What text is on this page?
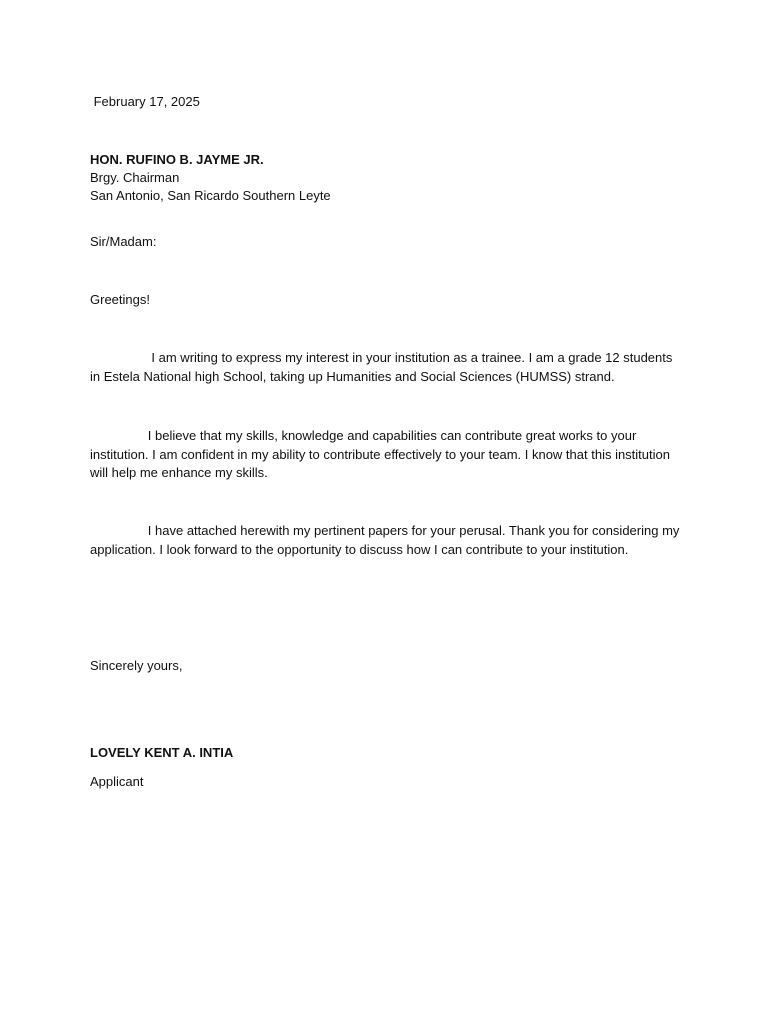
February 17, 2025
HON. RUFINO B. JAYME JR.
Brgy. Chairman
San Antonio, San Ricardo Southern Leyte
Sir/Madam:
Greetings!
I am writing to express my interest in your institution as a trainee. I am a grade 12 students in Estela National high School, taking up Humanities and Social Sciences (HUMSS) strand.
I believe that my skills, knowledge and capabilities can contribute great works to your institution. I am confident in my ability to contribute effectively to your team. I know that this institution will help me enhance my skills.
I have attached herewith my pertinent papers for your perusal. Thank you for considering my application. I look forward to the opportunity to discuss how I can contribute to your institution.
Sincerely yours,
LOVELY KENT A. INTIA
Applicant
